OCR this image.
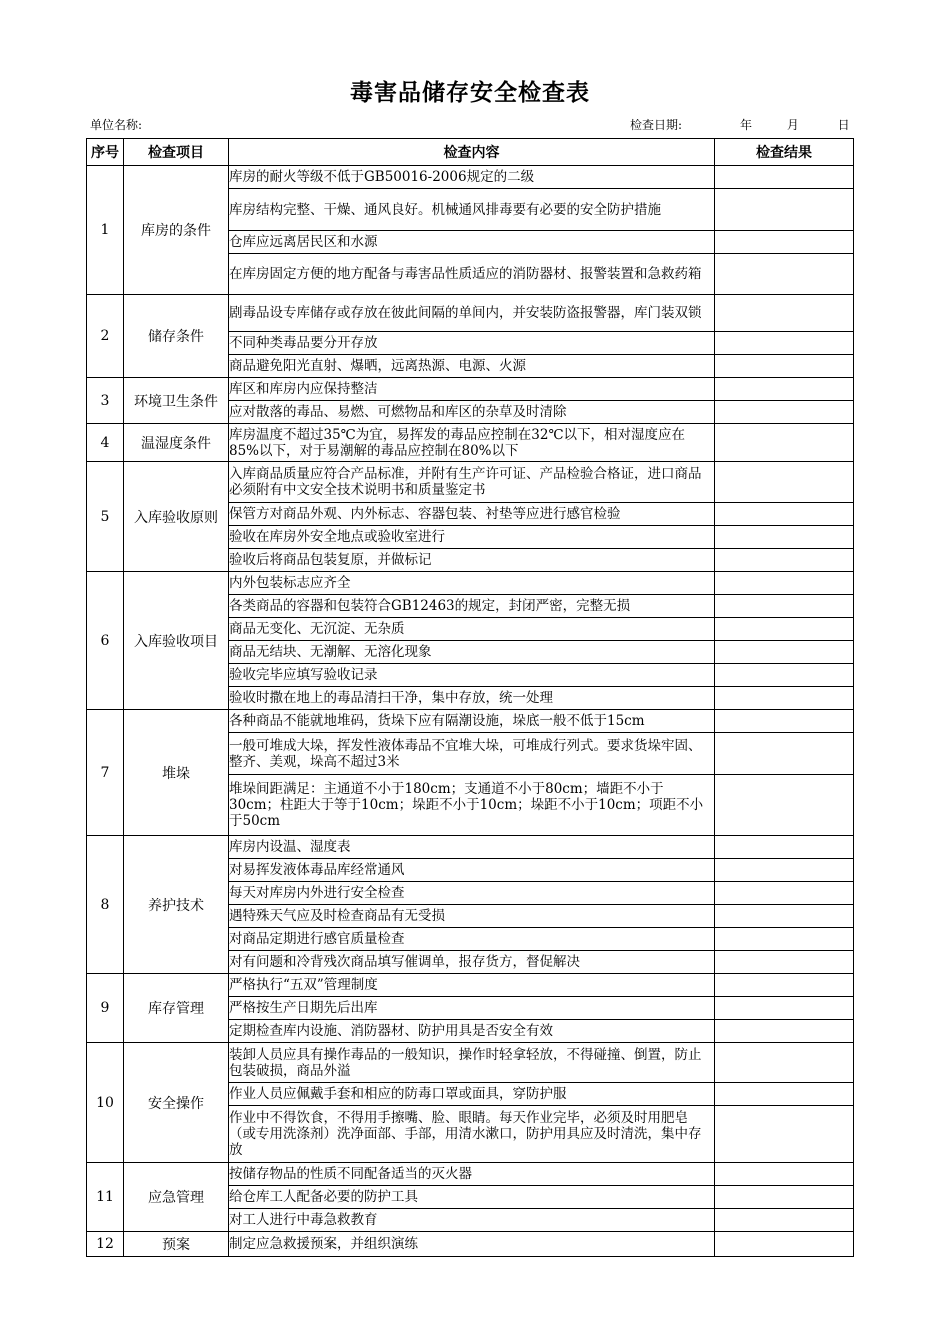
毒害品储存安全检查表
单位名称:	检查日期:	年	月	日
序号	检查项目	检查内容	检查结果
1	库房的条件	库房的耐火等级不低于GB50016-2006规定的二级	
		库房结构完整、干燥、通风良好。机械通风排毒要有必要的安全防护措施	
		仓库应远离居民区和水源	
		在库房固定方便的地方配备与毒害品性质适应的消防器材、报警装置和急救药箱	
2	储存条件	剧毒品设专库储存或存放在彼此间隔的单间内，并安装防盗报警器，库门装双锁	
		不同种类毒品要分开存放	
		商品避免阳光直射、爆晒，远离热源、电源、火源	
3	环境卫生条件	库区和库房内应保持整洁	
		应对散落的毒品、易燃、可燃物品和库区的杂草及时清除	
4	温湿度条件	库房温度不超过35℃为宜，易挥发的毒品应控制在32℃以下，相对湿度应在85%以下，对于易潮解的毒品应控制在80%以下	
5	入库验收原则	入库商品质量应符合产品标准，并附有生产许可证、产品检验合格证，进口商品必须附有中文安全技术说明书和质量鉴定书	
		保管方对商品外观、内外标志、容器包装、衬垫等应进行感官检验	
		验收在库房外安全地点或验收室进行	
		验收后将商品包装复原，并做标记	
6	入库验收项目	内外包装标志应齐全	
		各类商品的容器和包装符合GB12463的规定，封闭严密，完整无损	
		商品无变化、无沉淀、无杂质	
		商品无结块、无潮解、无溶化现象	
		验收完毕应填写验收记录	
		验收时撒在地上的毒品清扫干净，集中存放，统一处理	
7	堆垛	各种商品不能就地堆码，货垛下应有隔潮设施，垛底一般不低于15cm	
		一般可堆成大垛，挥发性液体毒品不宜堆大垛，可堆成行列式。要求货垛牢固、整齐、美观，垛高不超过3米	
		堆垛间距满足：主通道不小于180cm；支通道不小于80cm；墙距不小于30cm；柱距大于等于10cm；垛距不小于10cm；垛距不小于10cm；项距不小于50cm	
8	养护技术	库房内设温、湿度表	
		对易挥发液体毒品库经常通风	
		每天对库房内外进行安全检查	
		遇特殊天气应及时检查商品有无受损	
		对商品定期进行感官质量检查	
		对有问题和冷背残次商品填写催调单，报存货方，督促解决	
9	库存管理	严格执行“五双”管理制度	
		严格按生产日期先后出库	
		定期检查库内设施、消防器材、防护用具是否安全有效	
10	安全操作	装卸人员应具有操作毒品的一般知识，操作时轻拿轻放，不得碰撞、倒置，防止包装破损，商品外溢	
		作业人员应佩戴手套和相应的防毒口罩或面具，穿防护服	
		作业中不得饮食，不得用手擦嘴、脸、眼睛。每天作业完毕，必须及时用肥皂（或专用洗涤剂）洗净面部、手部，用清水漱口，防护用具应及时清洗，集中存放	
11	应急管理	按储存物品的性质不同配备适当的灭火器	
		给仓库工人配备必要的防护工具	
		对工人进行中毒急救教育	
12	预案	制定应急救援预案，并组织演练	
